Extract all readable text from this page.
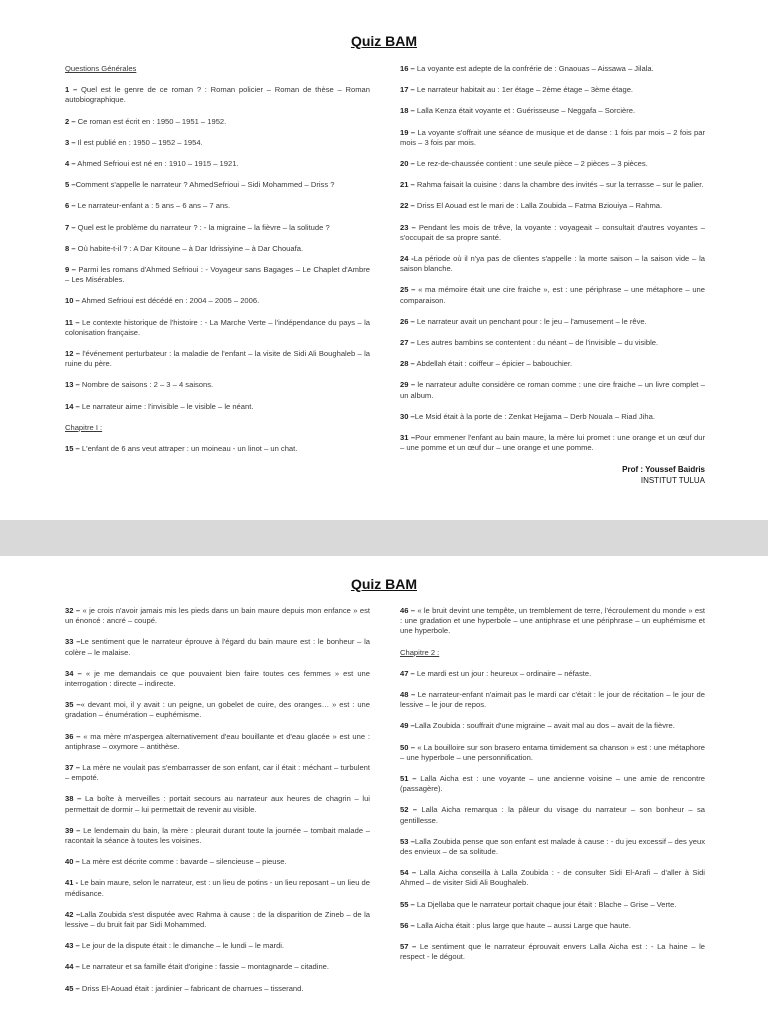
Quiz BAM
Questions Générales
1 – Quel est le genre de ce roman ? : Roman policier – Roman de thèse – Roman autobiographique.
2 – Ce roman est écrit en : 1950 – 1951 – 1952.
3 – Il est publié en : 1950 – 1952 – 1954.
4 – Ahmed Sefrioui est né en : 1910 – 1915 – 1921.
5 –Comment s'appelle le narrateur ? AhmedSefrioui – Sidi Mohammed – Driss ?
6 – Le narrateur-enfant a : 5 ans – 6 ans – 7 ans.
7 – Quel est le problème du narrateur ? : - la migraine – la fièvre – la solitude ?
8 – Où habite-t-il ? : A Dar Kitoune – à Dar Idrissiyine – à Dar Chouafa.
9 – Parmi les romans d'Ahmed Sefrioui : - Voyageur sans Bagages – Le Chaplet d'Ambre – Les Misérables.
10 – Ahmed Sefrioui est décédé en : 2004 – 2005 – 2006.
11 – Le contexte historique de l'histoire : - La Marche Verte – l'indépendance du pays – la colonisation française.
12 – l'événement perturbateur : la maladie de l'enfant – la visite de Sidi Ali Boughaleb – la ruine du père.
13 – Nombre de saisons : 2 – 3 – 4 saisons.
14 – Le narrateur aime : l'invisible – le visible – le néant.
Chapitre I :
15 – L'enfant de 6 ans veut attraper : un moineau - un linot – un chat.
16 – La voyante est adepte de la confrérie de : Gnaouas – Aissawa – Jilala.
17 – Le narrateur habitait au : 1er étage – 2ème étage – 3ème étage.
18 – Lalla Kenza était voyante et : Guérisseuse – Neggafa – Sorcière.
19 – La voyante s'offrait une séance de musique et de danse : 1 fois par mois – 2 fois par mois – 3 fois par mois.
20 – Le rez-de-chaussée contient : une seule pièce – 2 pièces – 3 pièces.
21 – Rahma faisait la cuisine : dans la chambre des invités – sur la terrasse – sur le palier.
22 – Driss El Aouad est le mari de : Lalla Zoubida – Fatma Bziouiya – Rahma.
23 – Pendant les mois de trêve, la voyante : voyageait – consultait d'autres voyantes – s'occupait de sa propre santé.
24 -La période où il n'ya pas de clientes s'appelle : la morte saison – la saison vide – la saison blanche.
25 – « ma mémoire était une cire fraiche », est : une périphrase – une métaphore – une comparaison.
26 – Le narrateur avait un penchant pour : le jeu – l'amusement – le rêve.
27 – Les autres bambins se contentent : du néant – de l'invisible – du visible.
28 – Abdellah était : coiffeur – épicier – babouchier.
29 – le narrateur adulte considère ce roman comme : une cire fraiche – un livre complet – un album.
30 –Le Msid était à la porte de : Zenkat Hejjama – Derb Nouala – Riad Jiha.
31 –Pour emmener l'enfant au bain maure, la mère lui promet : une orange et un œuf dur – une pomme et un œuf dur – une orange et une pomme.
Prof : Youssef Baidris
INSTITUT TULUA
Quiz BAM
32 – « je crois n'avoir jamais mis les pieds dans un bain maure depuis mon enfance » est un énoncé : ancré – coupé.
33 –Le sentiment que le narrateur éprouve à l'égard du bain maure est : le bonheur – la colère – le malaise.
34 – « je me demandais ce que pouvaient bien faire toutes ces femmes » est une interrogation : directe – indirecte.
35 –« devant moi, il y avait : un peigne, un gobelet de cuire, des oranges… » est : une gradation – énumération – euphémisme.
36 – « ma mère m'aspergea alternativement d'eau bouillante et d'eau glacée » est une : antiphrase – oxymore – antithèse.
37 – La mère ne voulait pas s'embarrasser de son enfant, car il était : méchant – turbulent – empoté.
38 – La boîte à merveilles : portait secours au narrateur aux heures de chagrin – lui permettait de dormir – lui permettait de revenir au visible.
39 – Le lendemain du bain, la mère : pleurait durant toute la journée – tombait malade – racontait la séance à toutes les voisines.
40 – La mère est décrite comme : bavarde – silencieuse – pieuse.
41 - Le bain maure, selon le narrateur, est : un lieu de potins - un lieu reposant – un lieu de médisance.
42 –Lalla Zoubida s'est disputée avec Rahma à cause : de la disparition de Zineb – de la lessive – du bruit fait par Sidi Mohammed.
43 – Le jour de la dispute était : le dimanche – le lundi – le mardi.
44 – Le narrateur et sa famille était d'origine : fassie – montagnarde – citadine.
45 – Driss El-Aouad était : jardinier – fabricant de charrues – tisserand.
46 – « le bruit devint une tempête, un tremblement de terre, l'écroulement du monde » est : une gradation et une hyperbole – une antiphrase et une périphrase – un euphémisme et une hyperbole.
Chapitre 2 :
47 – Le mardi est un jour : heureux – ordinaire – néfaste.
48 – Le narrateur-enfant n'aimait pas le mardi car c'était : le jour de récitation – le jour de lessive – le jour de repos.
49 –Lalla Zoubida : souffrait d'une migraine – avait mal au dos – avait de la fièvre.
50 – « La bouilloire sur son brasero entama timidement sa chanson » est : une métaphore – une hyperbole – une personnification.
51 – Lalla Aicha est : une voyante – une ancienne voisine – une amie de rencontre (passagère).
52 – Lalla Aicha remarqua : la pâleur du visage du narrateur – son bonheur – sa gentillesse.
53 –Lalla Zoubida pense que son enfant est malade à cause : - du jeu excessif – des yeux des envieux – de sa solitude.
54 – Lalla Aicha conseilla à Lalla Zoubida : - de consulter Sidi El-Arafi – d'aller à Sidi Ahmed – de visiter Sidi Ali Boughaleb.
55 – La Djellaba que le narrateur portait chaque jour était : Blache – Grise – Verte.
56 – Lalla Aicha était : plus large que haute – aussi Large que haute.
57 – Le sentiment que le narrateur éprouvait envers Lalla Aicha est : - La haine – le respect - le dégout.
